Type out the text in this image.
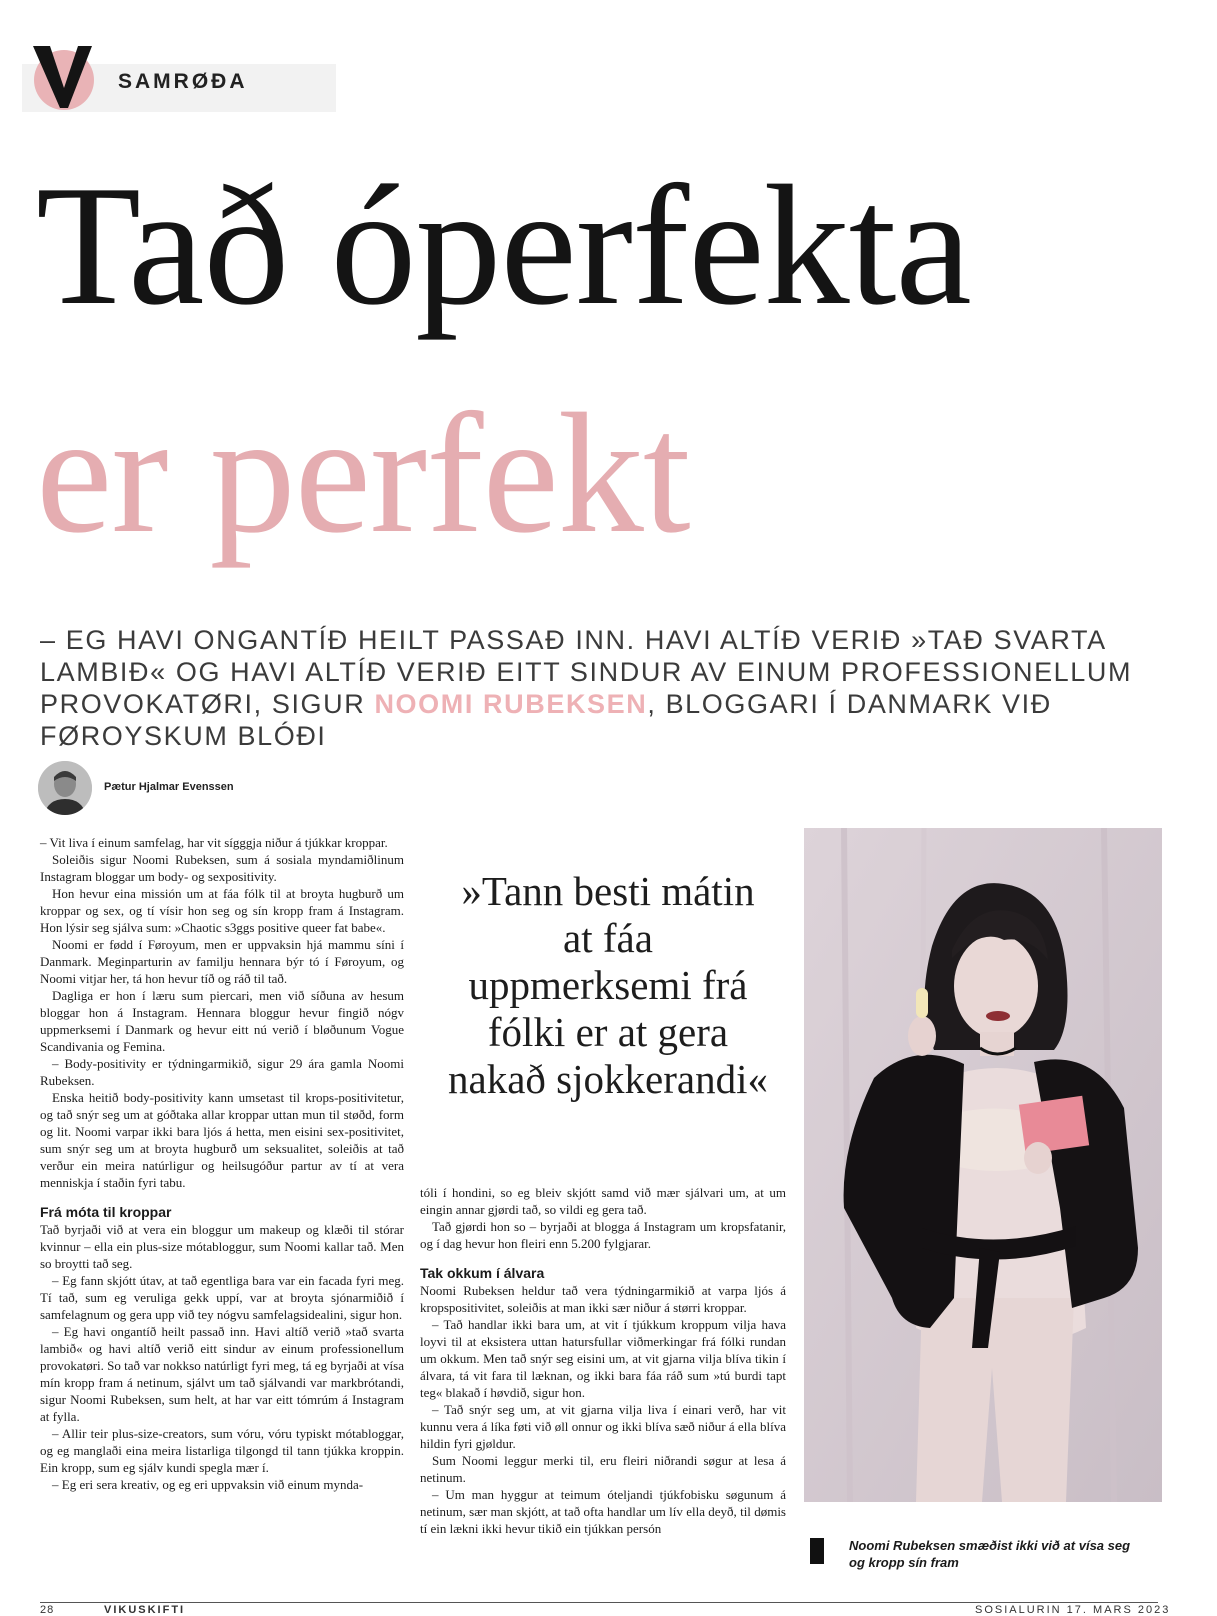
SAMRØÐA
Tað óperfekta
er perfekt
– EG HAVI ONGANTÍÐ HEILT PASSAÐ INN. HAVI ALTÍÐ VERIÐ »TAÐ SVARTA LAMBIÐ« OG HAVI ALTÍÐ VERIÐ EITT SINDUR AV EINUM PROFESSIONELLUM PROVOKATØRI, SIGUR NOOMI RUBEKSEN, BLOGGARI Í DANMARK VIÐ FØROYSKUM BLÓÐI
Pætur Hjalmar Evenssen

– Vit liva í einum samfelag, har vit sígggja niður á tjúkkar kroppar.

Soleiðis sigur Noomi Rubeksen, sum á sosiala myndamiðlinum Instagram bloggar um body- og sexpositivity.

Hon hevur eina missión um at fáa fólk til at broyta hugburð um kroppar og sex, og tí vísir hon seg og sín kropp fram á Instagram. Hon lýsir seg sjálva sum: »Chaotic s3ggs positive queer fat babe«.

Noomi er fødd í Føroyum, men er uppvaksin hjá mammu síni í Danmark. Meginparturin av familju hennara býr tó í Føroyum, og Noomi vitjar her, tá hon hevur tíð og ráð til tað.

Dagliga er hon í læru sum piercari, men við síðuna av hesum bloggar hon á Instagram. Hennara bloggur hevur fingið nógv uppmerksemi í Danmark og hevur eitt nú verið í bløðunum Vogue Scandivania og Femina.

– Body-positivity er týdningarmikið, sigur 29 ára gamla Noomi Rubeksen.

Enska heitið body-positivity kann umsetast til krops-positivitetur, og tað snýr seg um at góðtaka allar kroppar uttan mun til støðd, form og lit. Noomi varpar ikki bara ljós á hetta, men eisini sex-positivitet, sum snýr seg um at broyta hugburð um seksualitet, soleiðis at tað verður ein meira natúrligur og heilsugóður partur av tí at vera menniskja í staðin fyri tabu.

Frá móta til kroppar

Tað byrjaði við at vera ein bloggur um makeup og klæði til stórar kvinnur – ella ein plus-size mótabloggur, sum Noomi kallar tað. Men so broytti tað seg.

– Eg fann skjótt útav, at tað egentliga bara var ein facada fyri meg. Tí tað, sum eg veruliga gekk uppí, var at broyta sjónarmiðið í samfelagnum og gera upp við tey nógvu samfelagsidealini, sigur hon.

– Eg havi ongantíð heilt passað inn. Havi altíð verið »tað svarta lambið« og havi altíð verið eitt sindur av einum professionellum provokatøri. So tað var nokkso natúrligt fyri meg, tá eg byrjaði at vísa mín kropp fram á netinum, sjálvt um tað sjálvandi var markbrótandi, sigur Noomi Rubeksen, sum helt, at har var eitt tómrúm á Instagram at fylla.

– Allir teir plus-size-creators, sum vóru, vóru typiskt mótabloggar, og eg manglaði eina meira listarliga tilgongd til tann tjúkka kroppin. Ein kropp, sum eg sjálv kundi spegla mær í.

– Eg eri sera kreativ, og eg eri uppvaksin við einum mynda-

»Tann besti mátin at fáa uppmerksemi frá fólki er at gera nakað sjokkerandi«

tóli í hondini, so eg bleiv skjótt samd við mær sjálvari um, at um eingin annar gjørdi tað, so vildi eg gera tað.

Tað gjørdi hon so – byrjaði at blogga á Instagram um kropsfatanir, og í dag hevur hon fleiri enn 5.200 fylgjarar.

Tak okkum í álvara

Noomi Rubeksen heldur tað vera týdningarmikið at varpa ljós á kropspositivitet, soleiðis at man ikki sær niður á størri kroppar.

– Tað handlar ikki bara um, at vit í tjúkkum kroppum vilja hava loyvi til at eksistera uttan hatursfullar viðmerkingar frá fólki rundan um okkum. Men tað snýr seg eisini um, at vit gjarna vilja blíva tikin í álvara, tá vit fara til læknan, og ikki bara fáa ráð sum »tú burdi tapt teg« blakað í høvdið, sigur hon.

– Tað snýr seg um, at vit gjarna vilja liva í einari verð, har vit kunnu vera á líka føti við øll onnur og ikki blíva sæð niður á ella blíva hildin fyri gjøldur.

Sum Noomi leggur merki til, eru fleiri niðrandi søgur at lesa á netinum.

– Um man hyggur at teimum óteljandi tjúkfobisku søgunum á netinum, sær man skjótt, at tað ofta handlar um lív ella deyð, til dømis tí ein lækni ikki hevur tikið ein tjúkkan persón

Noomi Rubeksen smæðist ikki við at vísa seg og kropp sín fram
28	VIKUSKIFTI	SOSIALURIN 17. MARS 2023
